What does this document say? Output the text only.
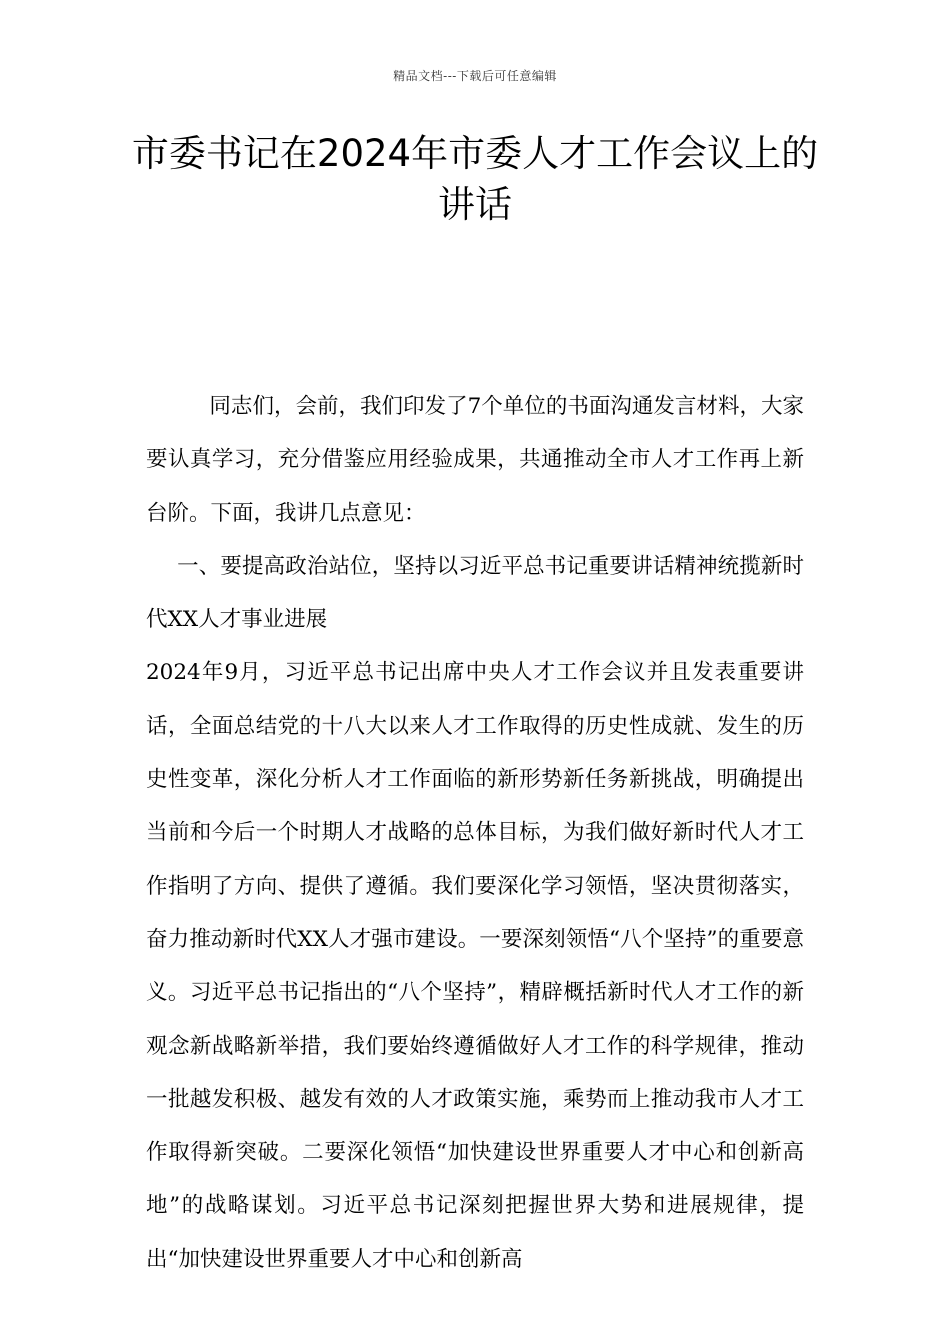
精品文档---下载后可任意编辑
市委书记在2024年市委人才工作会议上的讲话

同志们，会前，我们印发了7个单位的书面沟通发言材料，大家要认真学习，充分借鉴应用经验成果，共通推动全市人才工作再上新台阶。下面，我讲几点意见：

一、要提高政治站位，坚持以习近平总书记重要讲话精神统揽新时代XX人才事业进展

2024年9月，习近平总书记出席中央人才工作会议并且发表重要讲话，全面总结党的十八大以来人才工作取得的历史性成就、发生的历史性变革，深化分析人才工作面临的新形势新任务新挑战，明确提出当前和今后一个时期人才战略的总体目标，为我们做好新时代人才工作指明了方向、提供了遵循。我们要深化学习领悟，坚决贯彻落实，奋力推动新时代XX人才强市建设。一要深刻领悟“八个坚持”的重要意义。习近平总书记指出的“八个坚持”，精辟概括新时代人才工作的新观念新战略新举措，我们要始终遵循做好人才工作的科学规律，推动一批越发积极、越发有效的人才政策实施，乘势而上推动我市人才工作取得新突破。二要深化领悟“加快建设世界重要人才中心和创新高地”的战略谋划。习近平总书记深刻把握世界大势和进展规律，提出“加快建设世界重要人才中心和创新高
